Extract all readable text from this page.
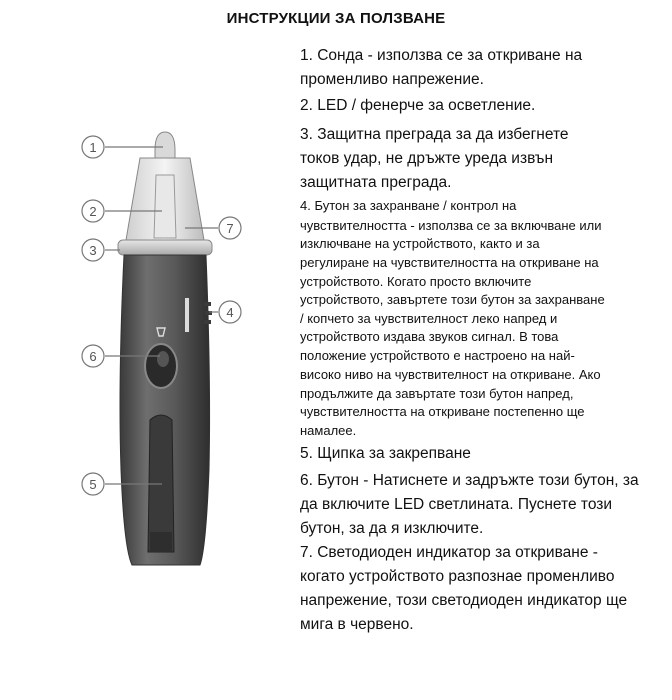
ИНСТРУКЦИИ ЗА ПОЛЗВАНЕ
1
2
3
4
5
6
7
1. Сонда - използва се за откриване на
променливо напрежение.
2. LED / фенерче за осветление.
3. Защитна преграда за да избегнете
токов удар, не дръжте уреда извън
защитната преграда.
4. Бутон за захранване / контрол на
чувствителността - използва се за включване или
изключване на устройството, както и за
регулиране на чувствителността на откриване на
устройството. Когато просто включите
устройството, завъртете този бутон за захранване
/ копчето за чувствителност леко напред и
устройството издава звуков сигнал. В това
положение устройството е настроено на най-
високо ниво на чувствителност на откриване. Ако
продължите да завъртате този бутон напред,
чувствителността на откриване постепенно ще
намалее.
5. Щипка за закрепване
6. Бутон - Натиснете и задръжте този бутон, за
да включите LED светлината. Пуснете този
бутон, за да я изключите.
7. Светодиоден индикатор за откриване -
когато устройството разпознае променливо
напрежение, този светодиоден индикатор ще
мига в червено.
